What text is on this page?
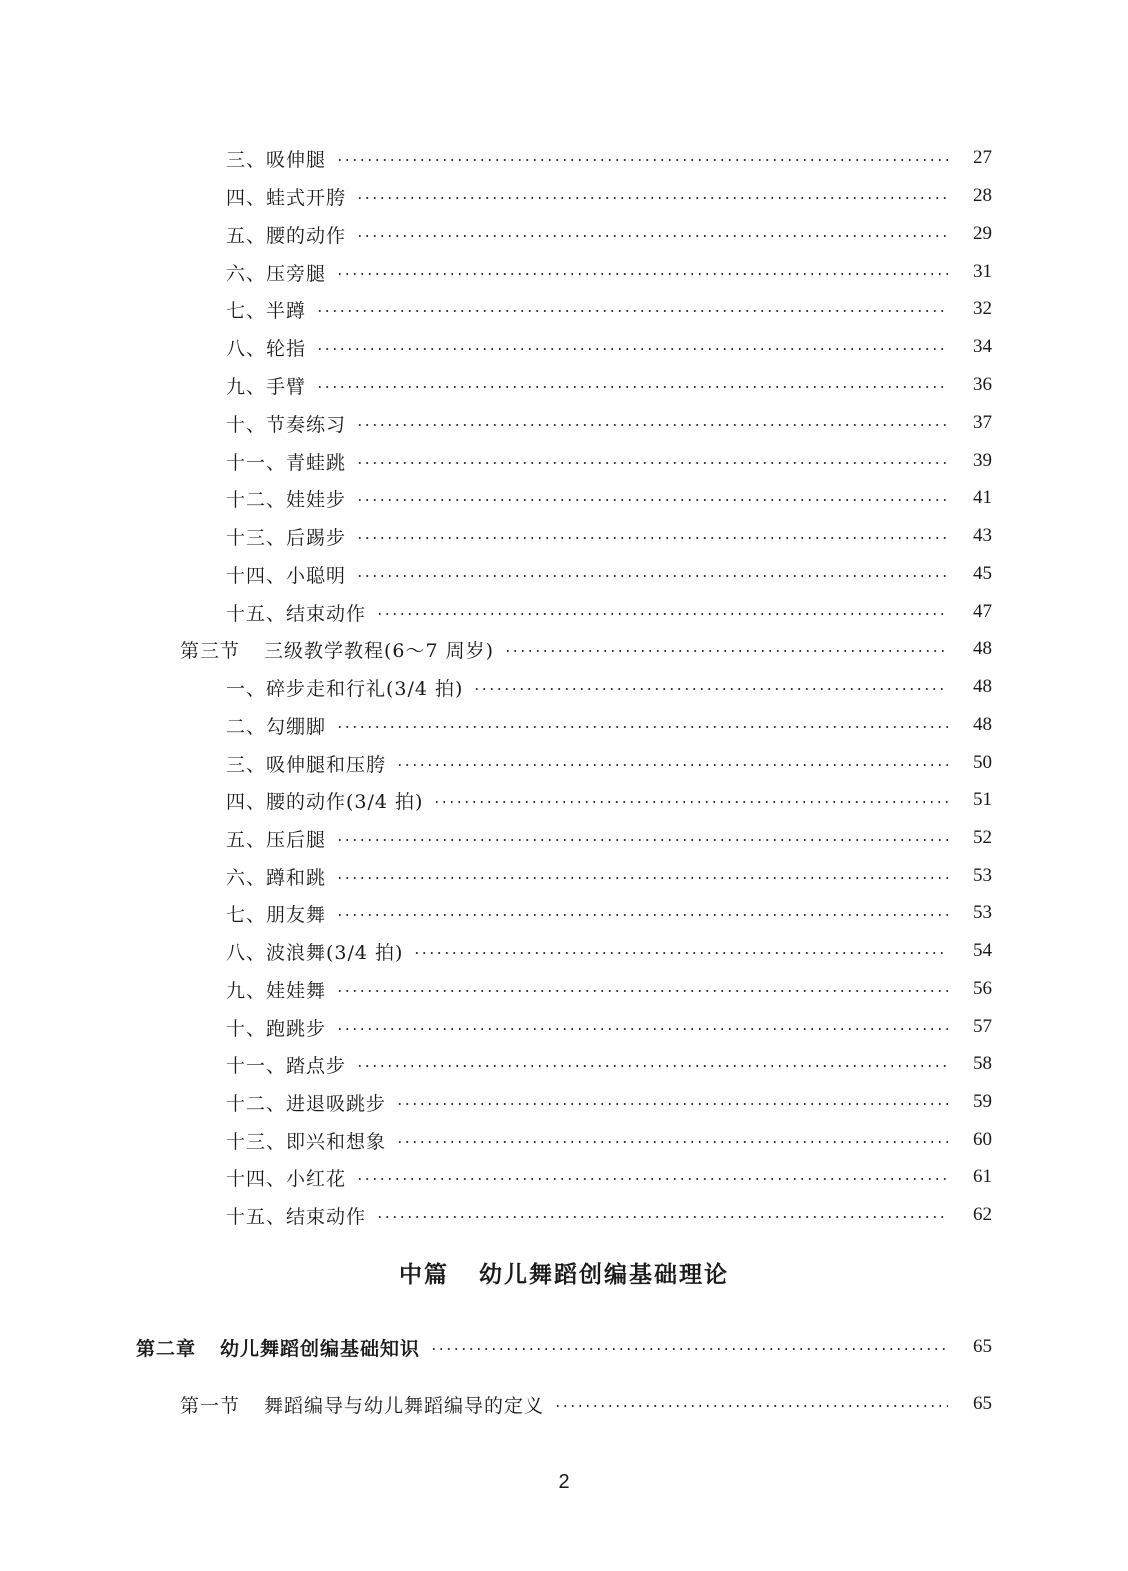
三、吸伸腿	27
四、蛙式开胯	28
五、腰的动作	29
六、压旁腿	31
七、半蹲	32
八、轮指	34
九、手臂	36
十、节奏练习	37
十一、青蛙跳	39
十二、娃娃步	41
十三、后踢步	43
十四、小聪明	45
十五、结束动作	47
第三节 三级教学教程(6～7 周岁)	48
一、碎步走和行礼(3/4 拍)	48
二、勾绷脚	48
三、吸伸腿和压胯	50
四、腰的动作(3/4 拍)	51
五、压后腿	52
六、蹲和跳	53
七、朋友舞	53
八、波浪舞(3/4 拍)	54
九、娃娃舞	56
十、跑跳步	57
十一、踏点步	58
十二、进退吸跳步	59
十三、即兴和想象	60
十四、小红花	61
十五、结束动作	62
中篇 幼儿舞蹈创编基础理论
第二章 幼儿舞蹈创编基础知识	65
第一节 舞蹈编导与幼儿舞蹈编导的定义	65
2
